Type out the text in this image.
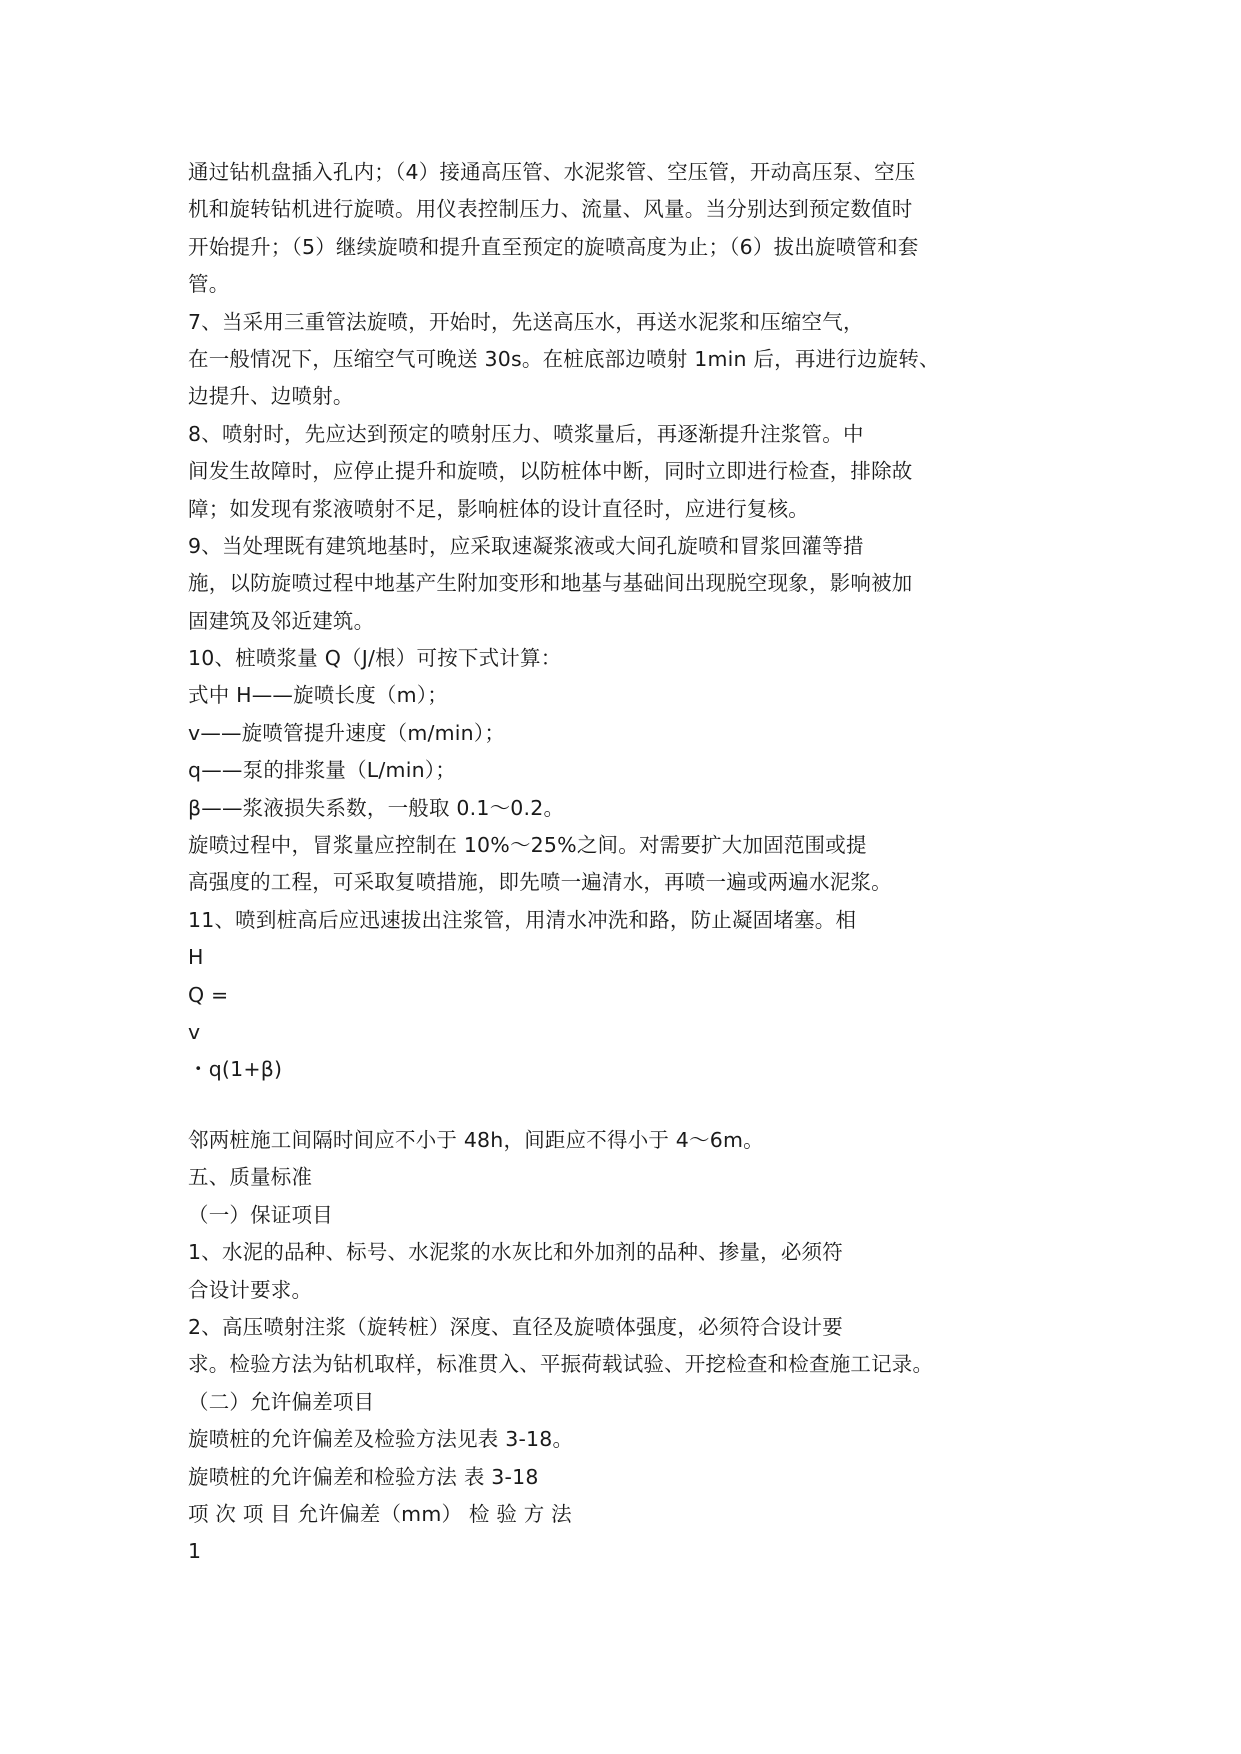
通过钻机盘插入孔内；（4）接通高压管、水泥浆管、空压管，开动高压泵、空压
机和旋转钻机进行旋喷。用仪表控制压力、流量、风量。当分别达到预定数值时
开始提升；（5）继续旋喷和提升直至预定的旋喷高度为止；（6）拔出旋喷管和套
管。
7、当采用三重管法旋喷，开始时，先送高压水，再送水泥浆和压缩空气，
在一般情况下，压缩空气可晚送 30s。在桩底部边喷射 1min 后，再进行边旋转、
边提升、边喷射。
8、喷射时，先应达到预定的喷射压力、喷浆量后，再逐渐提升注浆管。中
间发生故障时，应停止提升和旋喷，以防桩体中断，同时立即进行检查，排除故
障；如发现有浆液喷射不足，影响桩体的设计直径时，应进行复核。
9、当处理既有建筑地基时，应采取速凝浆液或大间孔旋喷和冒浆回灌等措
施，以防旋喷过程中地基产生附加变形和地基与基础间出现脱空现象，影响被加
固建筑及邻近建筑。
10、桩喷浆量 Q（J/根）可按下式计算：
式中 H——旋喷长度（m）；
v——旋喷管提升速度（m/min）；
q——泵的排浆量（L/min）；
β——浆液损失系数，一般取 0.1～0.2。
旋喷过程中，冒浆量应控制在 10%～25%之间。对需要扩大加固范围或提
高强度的工程，可采取复喷措施，即先喷一遍清水，再喷一遍或两遍水泥浆。
11、喷到桩高后应迅速拔出注浆管，用清水冲洗和路，防止凝固堵塞。相
H
Q =
v
・q(1+β)
邻两桩施工间隔时间应不小于 48h，间距应不得小于 4～6m。
五、质量标准
（一）保证项目
1、水泥的品种、标号、水泥浆的水灰比和外加剂的品种、掺量，必须符
合设计要求。
2、高压喷射注浆（旋转桩）深度、直径及旋喷体强度，必须符合设计要
求。检验方法为钻机取样，标准贯入、平振荷载试验、开挖检查和检查施工记录。
（二）允许偏差项目
旋喷桩的允许偏差及检验方法见表 3-18。
旋喷桩的允许偏差和检验方法 表 3-18
项 次 项 目 允许偏差（mm） 检 验 方 法
1
